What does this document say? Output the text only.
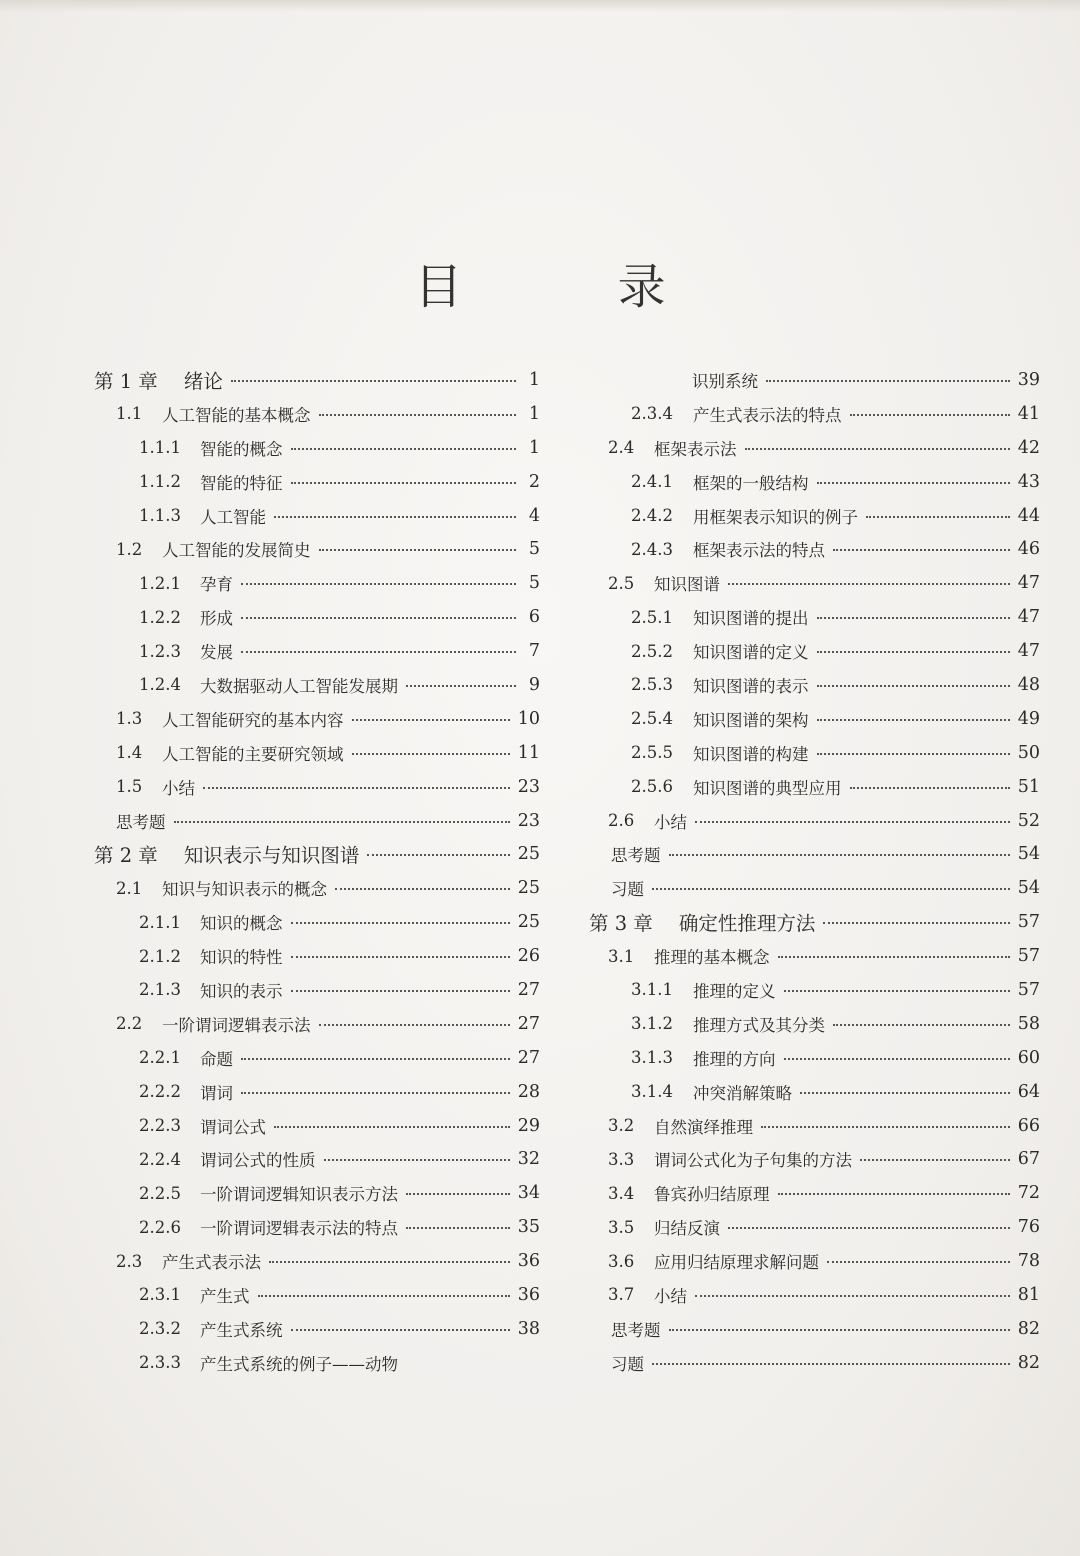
目 录
第 1 章 绪论	1
1.1	人工智能的基本概念	1
1.1.1	智能的概念	1
1.1.2	智能的特征	2
1.1.3	人工智能	4
1.2	人工智能的发展简史	5
1.2.1	孕育	5
1.2.2	形成	6
1.2.3	发展	7
1.2.4	大数据驱动人工智能发展期	9
1.3	人工智能研究的基本内容	10
1.4	人工智能的主要研究领域	11
1.5	小结	23
思考题	23
第 2 章 知识表示与知识图谱	25
2.1	知识与知识表示的概念	25
2.1.1	知识的概念	25
2.1.2	知识的特性	26
2.1.3	知识的表示	27
2.2	一阶谓词逻辑表示法	27
2.2.1	命题	27
2.2.2	谓词	28
2.2.3	谓词公式	29
2.2.4	谓词公式的性质	32
2.2.5	一阶谓词逻辑知识表示方法	34
2.2.6	一阶谓词逻辑表示法的特点	35
2.3	产生式表示法	36
2.3.1	产生式	36
2.3.2	产生式系统	38
2.3.3	产生式系统的例子——动物
识别系统	39
2.3.4	产生式表示法的特点	41
2.4	框架表示法	42
2.4.1	框架的一般结构	43
2.4.2	用框架表示知识的例子	44
2.4.3	框架表示法的特点	46
2.5	知识图谱	47
2.5.1	知识图谱的提出	47
2.5.2	知识图谱的定义	47
2.5.3	知识图谱的表示	48
2.5.4	知识图谱的架构	49
2.5.5	知识图谱的构建	50
2.5.6	知识图谱的典型应用	51
2.6	小结	52
思考题	54
习题	54
第 3 章 确定性推理方法	57
3.1	推理的基本概念	57
3.1.1	推理的定义	57
3.1.2	推理方式及其分类	58
3.1.3	推理的方向	60
3.1.4	冲突消解策略	64
3.2	自然演绎推理	66
3.3	谓词公式化为子句集的方法	67
3.4	鲁宾孙归结原理	72
3.5	归结反演	76
3.6	应用归结原理求解问题	78
3.7	小结	81
思考题	82
习题	82
